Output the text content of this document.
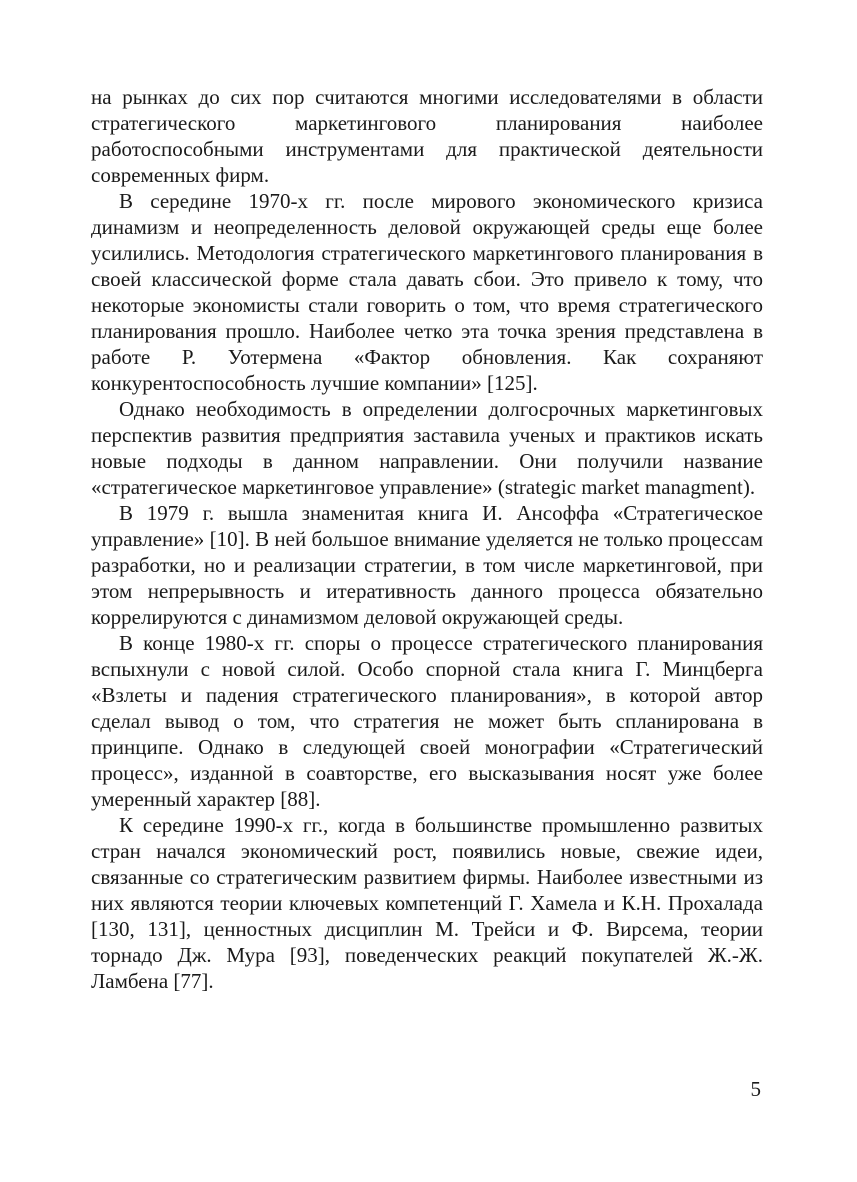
на рынках до сих пор считаются многими исследователями в области стратегического маркетингового планирования наиболее работоспособными инструментами для практической деятельности современных фирм.

В середине 1970-х гг. после мирового экономического кризиса динамизм и неопределенность деловой окружающей среды еще более усилились. Методология стратегического маркетингового планирования в своей классической форме стала давать сбои. Это привело к тому, что некоторые экономисты стали говорить о том, что время стратегического планирования прошло. Наиболее четко эта точка зрения представлена в работе Р. Уотермена «Фактор обновления. Как сохраняют конкурентоспособность лучшие компании» [125].

Однако необходимость в определении долгосрочных маркетинговых перспектив развития предприятия заставила ученых и практиков искать новые подходы в данном направлении. Они получили название «стратегическое маркетинговое управление» (strategic market managment).

В 1979 г. вышла знаменитая книга И. Ансоффа «Стратегическое управление» [10]. В ней большое внимание уделяется не только процессам разработки, но и реализации стратегии, в том числе маркетинговой, при этом непрерывность и итеративность данного процесса обязательно коррелируются с динамизмом деловой окружающей среды.

В конце 1980-х гг. споры о процессе стратегического планирования вспыхнули с новой силой. Особо спорной стала книга Г. Минцберга «Взлеты и падения стратегического планирования», в которой автор сделал вывод о том, что стратегия не может быть спланирована в принципе. Однако в следующей своей монографии «Стратегический процесс», изданной в соавторстве, его высказывания носят уже более умеренный характер [88].

К середине 1990-х гг., когда в большинстве промышленно развитых стран начался экономический рост, появились новые, свежие идеи, связанные со стратегическим развитием фирмы. Наиболее известными из них являются теории ключевых компетенций Г. Хамела и К.Н. Прохалада [130, 131], ценностных дисциплин М. Трейси и Ф. Вирсема, теории торнадо Дж. Мура [93], поведенческих реакций покупателей Ж.-Ж. Ламбена [77].

5
